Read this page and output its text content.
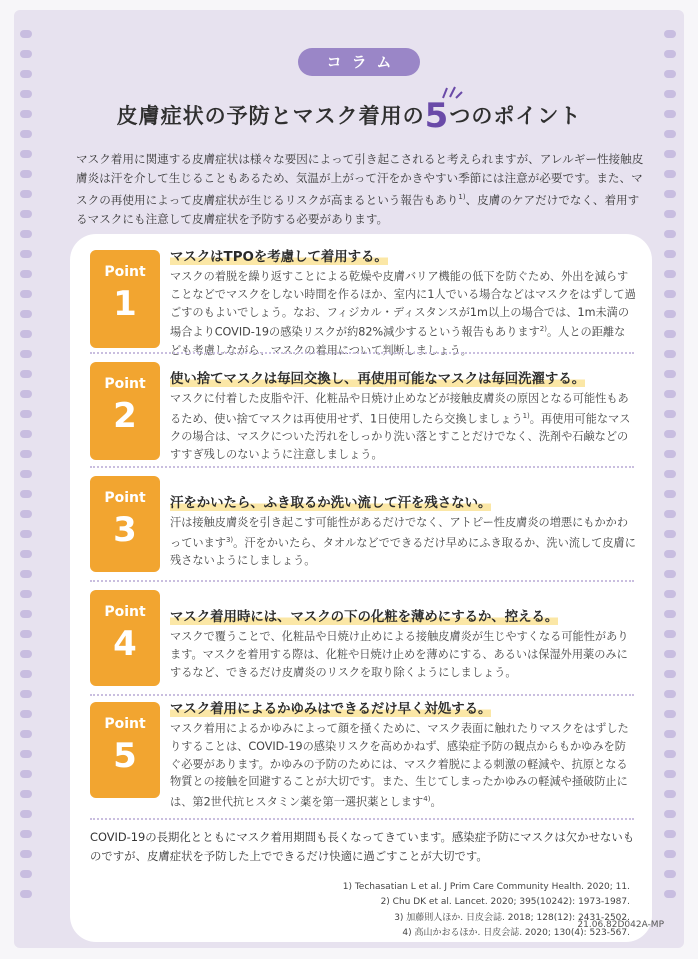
コラム
皮膚症状の予防とマスク着用の5つのポイント
マスク着用に関連する皮膚症状は様々な要因によって引き起こされると考えられますが、アレルギー性接触皮膚炎は汗を介して生じることもあるため、気温が上がって汗をかきやすい季節には注意が必要です。また、マスクの再使用によって皮膚症状が生じるリスクが高まるという報告もあり$^{1)}$、皮膚のケアだけでなく、着用するマスクにも注意して皮膚症状を予防する必要があります。
Point
1
マスクはTPOを考慮して着用する。
マスクの着脱を繰り返すことによる乾燥や皮膚バリア機能の低下を防ぐため、外出を減らすことなどでマスクをしない時間を作るほか、室内に1人でいる場合などはマスクをはずして過ごすのもよいでしょう。なお、フィジカル・ディスタンスが1m以上の場合では、1m未満の場合よりCOVID-19の感染リスクが約82%減少するという報告もあります$^{2)}$。人との距離なども考慮しながら、マスクの着用について判断しましょう。
Point
2
使い捨てマスクは毎回交換し、再使用可能なマスクは毎回洗濯する。
マスクに付着した皮脂や汗、化粧品や日焼け止めなどが接触皮膚炎の原因となる可能性もあるため、使い捨てマスクは再使用せず、1日使用したら交換しましょう$^{1)}$。再使用可能なマスクの場合は、マスクについた汚れをしっかり洗い落とすことだけでなく、洗剤や石鹸などのすすぎ残しのないように注意しましょう。
Point
3
汗をかいたら、ふき取るか洗い流して汗を残さない。
汗は接触皮膚炎を引き起こす可能性があるだけでなく、アトピー性皮膚炎の増悪にもかかわっています$^{3)}$。汗をかいたら、タオルなどでできるだけ早めにふき取るか、洗い流して皮膚に残さないようにしましょう。
Point
4
マスク着用時には、マスクの下の化粧を薄めにするか、控える。
マスクで覆うことで、化粧品や日焼け止めによる接触皮膚炎が生じやすくなる可能性があります。マスクを着用する際は、化粧や日焼け止めを薄めにする、あるいは保湿外用薬のみにするなど、できるだけ皮膚炎のリスクを取り除くようにしましょう。
Point
5
マスク着用によるかゆみはできるだけ早く対処する。
マスク着用によるかゆみによって顔を掻くために、マスク表面に触れたりマスクをはずしたりすることは、COVID-19の感染リスクを高めかねず、感染症予防の観点からもかゆみを防ぐ必要があります。かゆみの予防のためには、マスク着脱による刺激の軽減や、抗原となる物質との接触を回避することが大切です。また、生じてしまったかゆみの軽減や掻破防止には、第2世代抗ヒスタミン薬を第一選択薬とします$^{4)}$。
COVID-19の長期化とともにマスク着用期間も長くなってきています。感染症予防にマスクは欠かせないものですが、皮膚症状を予防した上でできるだけ快適に過ごすことが大切です。
1) Techasatian L et al. J Prim Care Community Health. 2020; 11.
2) Chu DK et al. Lancet. 2020; 395(10242): 1973-1987.
3) 加藤則人ほか. 日皮会誌. 2018; 128(12): 2431-2502.
4) 高山かおるほか. 日皮会誌. 2020; 130(4): 523-567.
21.06.82D042A-MP
